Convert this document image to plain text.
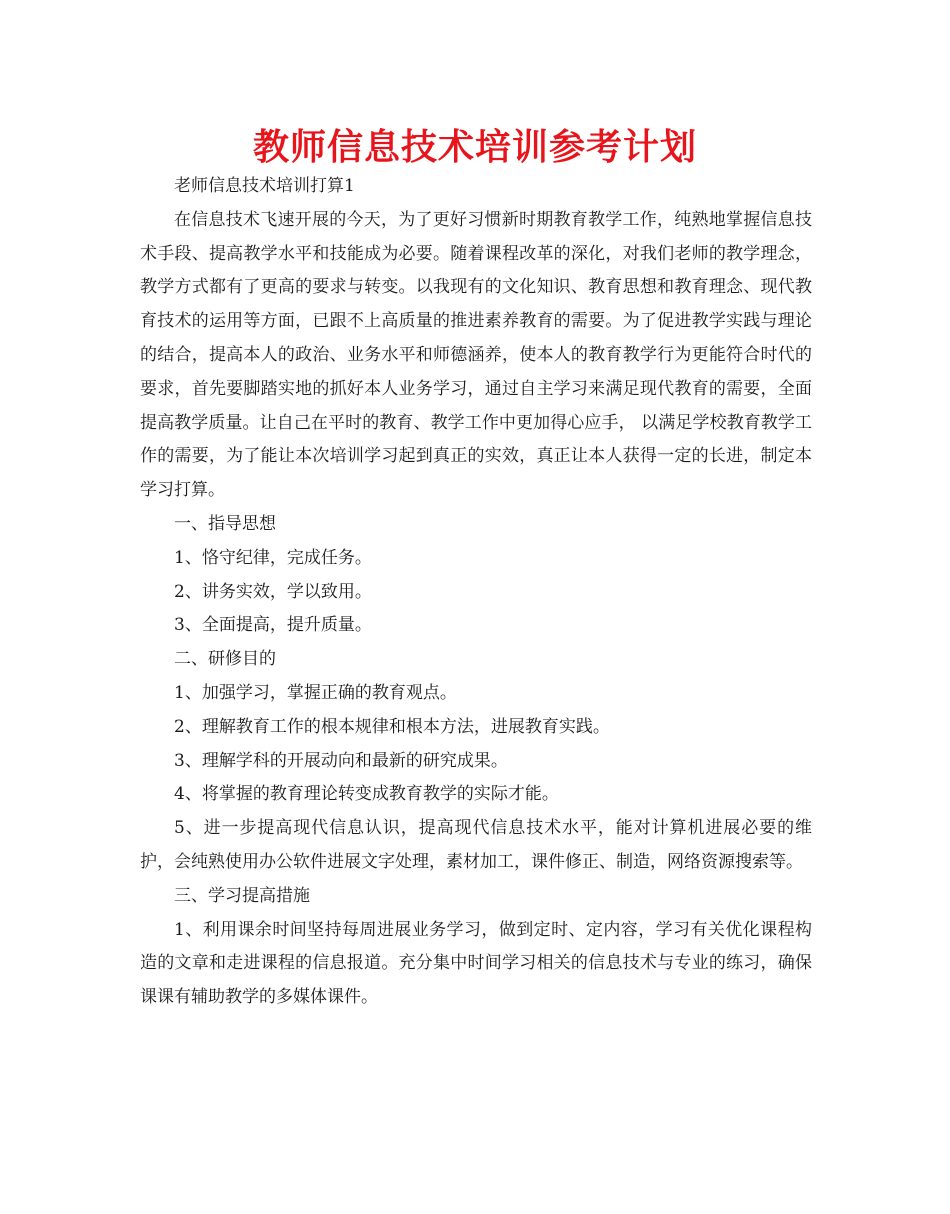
教师信息技术培训参考计划

老师信息技术培训打算1

在信息技术飞速开展的今天，为了更好习惯新时期教育教学工作，纯熟地掌握信息技术手段、提高教学水平和技能成为必要。随着课程改革的深化，对我们老师的教学理念，教学方式都有了更高的要求与转变。以我现有的文化知识、教育思想和教育理念、现代教育技术的运用等方面，已跟不上高质量的推进素养教育的需要。为了促进教学实践与理论的结合，提高本人的政治、业务水平和师德涵养，使本人的教育教学行为更能符合时代的要求，首先要脚踏实地的抓好本人业务学习，通过自主学习来满足现代教育的需要，全面提高教学质量。让自己在平时的教育、教学工作中更加得心应手， 以满足学校教育教学工作的需要，为了能让本次培训学习起到真正的实效，真正让本人获得一定的长进，制定本学习打算。

一、指导思想

1、恪守纪律，完成任务。

2、讲务实效，学以致用。

3、全面提高，提升质量。

二、研修目的

1、加强学习，掌握正确的教育观点。

2、理解教育工作的根本规律和根本方法，进展教育实践。

3、理解学科的开展动向和最新的研究成果。

4、将掌握的教育理论转变成教育教学的实际才能。

5、进一步提高现代信息认识，提高现代信息技术水平，能对计算机进展必要的维护，会纯熟使用办公软件进展文字处理，素材加工，课件修正、制造，网络资源搜索等。

三、学习提高措施

1、利用课余时间坚持每周进展业务学习，做到定时、定内容，学习有关优化课程构造的文章和走进课程的信息报道。充分集中时间学习相关的信息技术与专业的练习，确保课课有辅助教学的多媒体课件。
